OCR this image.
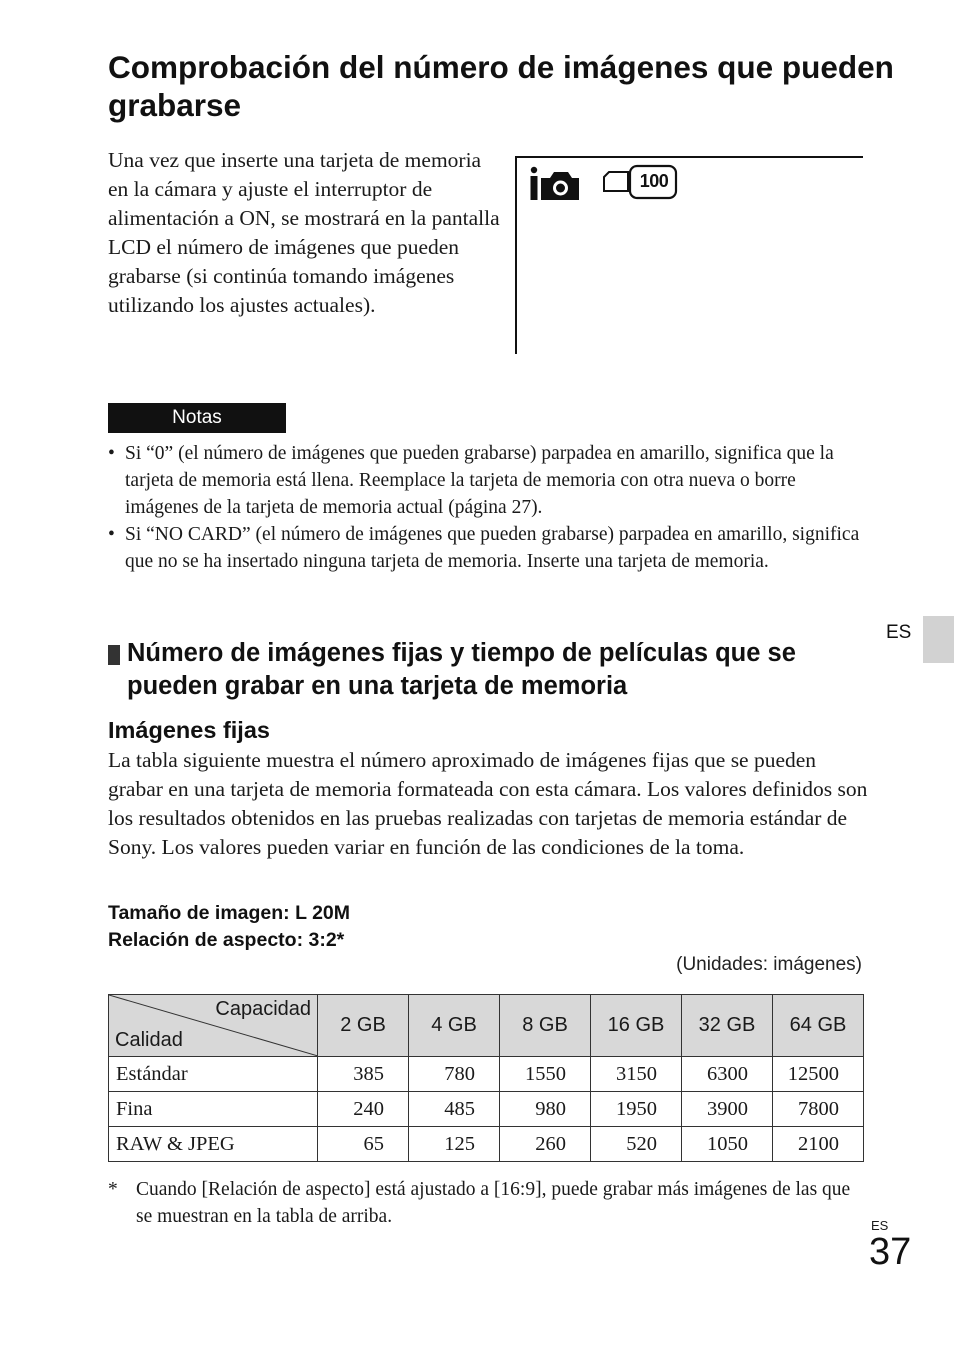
Comprobación del número de imágenes que pueden grabarse

Una vez que inserte una tarjeta de memoria en la cámara y ajuste el interruptor de alimentación a ON, se mostrará en la pantalla LCD el número de imágenes que pueden grabarse (si continúa tomando imágenes utilizando los ajustes actuales).

100
Notas
• Si “0” (el número de imágenes que pueden grabarse) parpadea en amarillo, significa que la tarjeta de memoria está llena. Reemplace la tarjeta de memoria con otra nueva o borre imágenes de la tarjeta de memoria actual (página 27).
• Si “NO CARD” (el número de imágenes que pueden grabarse) parpadea en amarillo, significa que no se ha insertado ninguna tarjeta de memoria. Inserte una tarjeta de memoria.
ES
Número de imágenes fijas y tiempo de películas que se pueden grabar en una tarjeta de memoria
Imágenes fijas

La tabla siguiente muestra el número aproximado de imágenes fijas que se pueden grabar en una tarjeta de memoria formateada con esta cámara. Los valores definidos son los resultados obtenidos en las pruebas realizadas con tarjetas de memoria estándar de Sony. Los valores pueden variar en función de las condiciones de la toma.

Tamaño de imagen: L 20M
Relación de aspecto: 3:2*
(Unidades: imágenes)
Capacidad
Calidad	2 GB	4 GB	8 GB	16 GB	32 GB	64 GB
Estándar	385	780	1550	3150	6300	12500
Fina	240	485	980	1950	3900	7800
RAW & JPEG	65	125	260	520	1050	2100
* Cuando [Relación de aspecto] está ajustado a [16:9], puede grabar más imágenes de las que se muestran en la tabla de arriba.	ES
37
